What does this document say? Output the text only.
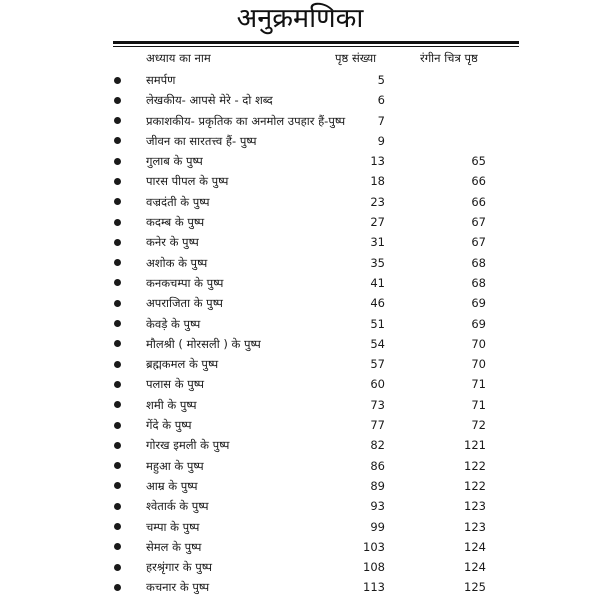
अनुक्रमणिका
अध्याय का नाम	पृष्ठ संख्या	रंगीन चित्र पृष्ठ
समर्पण	5
लेखकीय- आपसे मेरे - दो शब्द	6
प्रकाशकीय- प्रकृतिक का अनमोल उपहार हैं-पुष्प	7
जीवन का सारतत्त्व हैं- पुष्प	9
गुलाब के पुष्प	13	65
पारस पीपल के पुष्प	18	66
वज्रदंती के पुष्प	23	66
कदम्ब के पुष्प	27	67
कनेर के पुष्प	31	67
अशोक के पुष्प	35	68
कनकचम्पा के पुष्प	41	68
अपराजिता के पुष्प	46	69
केवड़े के पुष्प	51	69
मौलश्री ( मोरसली ) के पुष्प	54	70
ब्रह्मकमल के पुष्प	57	70
पलास के पुष्प	60	71
शमी के पुष्प	73	71
गेंदे के पुष्प	77	72
गोरख इमली के पुष्प	82	121
महुआ के पुष्प	86	122
आम्र के पुष्प	89	122
श्वेतार्क के पुष्प	93	123
चम्पा के पुष्प	99	123
सेमल के पुष्प	103	124
हरश्रृंगार के पुष्प	108	124
कचनार के पुष्प	113	125
